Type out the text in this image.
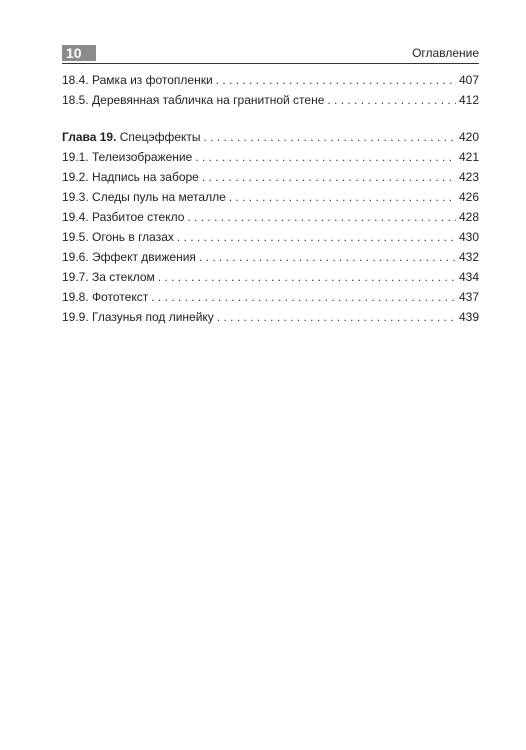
10	Оглавление
18.4. Рамка из фотопленки . . .	407
18.5. Деревянная табличка на гранитной стене . . .	412
Глава 19. Спецэффекты . . .	420
19.1. Телеизображение . . .	421
19.2. Надпись на заборе . . .	423
19.3. Следы пуль на металле . . .	426
19.4. Разбитое стекло . . .	428
19.5. Огонь в глазах . . .	430
19.6. Эффект движения . . .	432
19.7. За стеклом . . .	434
19.8. Фототекст . . .	437
19.9. Глазунья под линейку . . .	439
